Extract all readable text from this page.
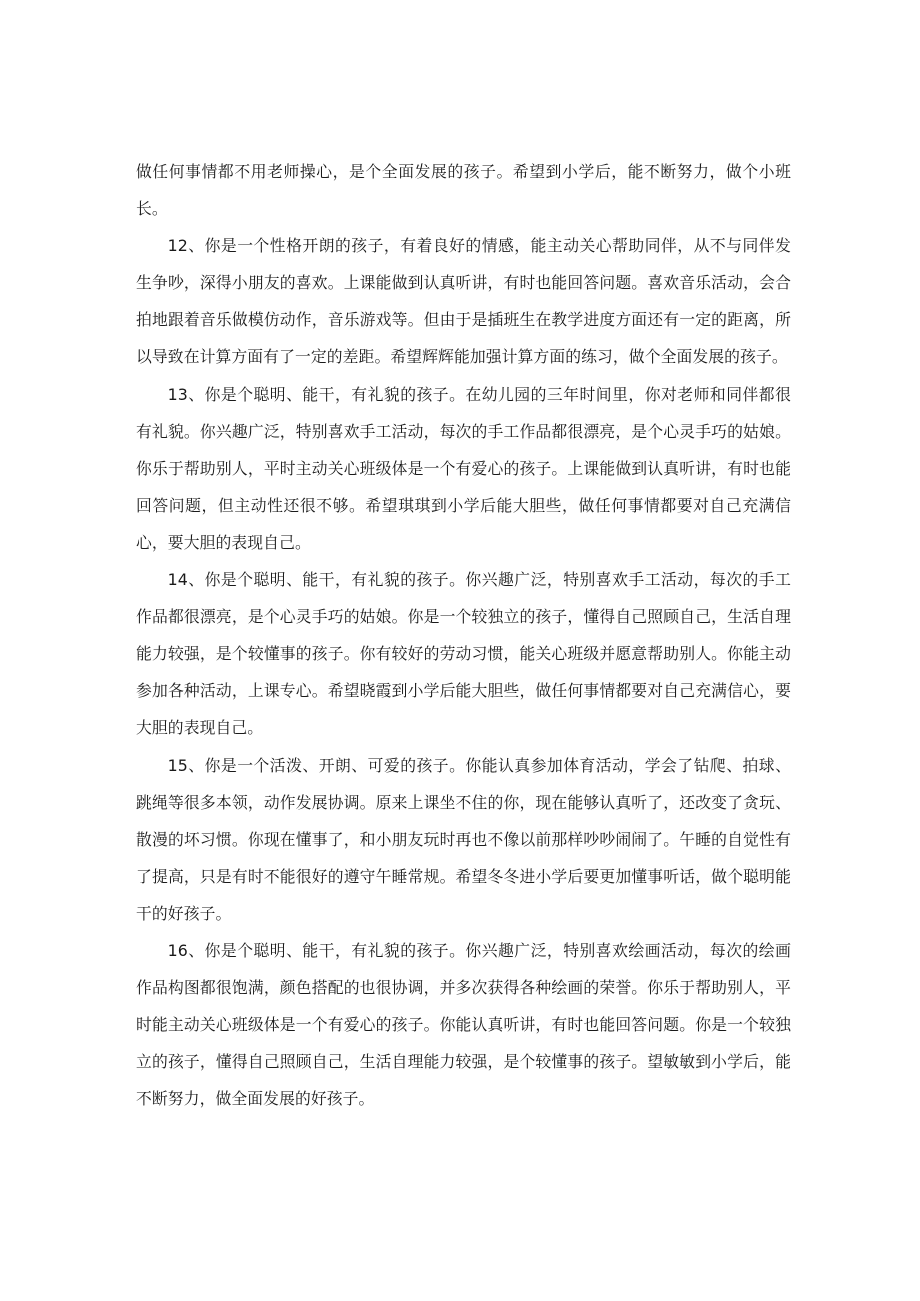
做任何事情都不用老师操心，是个全面发展的孩子。希望到小学后，能不断努力，做个小班长。

12、你是一个性格开朗的孩子，有着良好的情感，能主动关心帮助同伴，从不与同伴发生争吵，深得小朋友的喜欢。上课能做到认真听讲，有时也能回答问题。喜欢音乐活动，会合拍地跟着音乐做模仿动作，音乐游戏等。但由于是插班生在教学进度方面还有一定的距离，所以导致在计算方面有了一定的差距。希望辉辉能加强计算方面的练习，做个全面发展的孩子。

13、你是个聪明、能干，有礼貌的孩子。在幼儿园的三年时间里，你对老师和同伴都很有礼貌。你兴趣广泛，特别喜欢手工活动，每次的手工作品都很漂亮，是个心灵手巧的姑娘。你乐于帮助别人，平时主动关心班级体是一个有爱心的孩子。上课能做到认真听讲，有时也能回答问题，但主动性还很不够。希望琪琪到小学后能大胆些，做任何事情都要对自己充满信心，要大胆的表现自己。

14、你是个聪明、能干，有礼貌的孩子。你兴趣广泛，特别喜欢手工活动，每次的手工作品都很漂亮，是个心灵手巧的姑娘。你是一个较独立的孩子，懂得自己照顾自己，生活自理能力较强，是个较懂事的孩子。你有较好的劳动习惯，能关心班级并愿意帮助别人。你能主动参加各种活动，上课专心。希望晓霞到小学后能大胆些，做任何事情都要对自己充满信心，要大胆的表现自己。

15、你是一个活泼、开朗、可爱的孩子。你能认真参加体育活动，学会了钻爬、拍球、跳绳等很多本领，动作发展协调。原来上课坐不住的你，现在能够认真听了，还改变了贪玩、散漫的坏习惯。你现在懂事了，和小朋友玩时再也不像以前那样吵吵闹闹了。午睡的自觉性有了提高，只是有时不能很好的遵守午睡常规。希望冬冬进小学后要更加懂事听话，做个聪明能干的好孩子。

16、你是个聪明、能干，有礼貌的孩子。你兴趣广泛，特别喜欢绘画活动，每次的绘画作品构图都很饱满，颜色搭配的也很协调，并多次获得各种绘画的荣誉。你乐于帮助别人，平时能主动关心班级体是一个有爱心的孩子。你能认真听讲，有时也能回答问题。你是一个较独立的孩子，懂得自己照顾自己，生活自理能力较强，是个较懂事的孩子。望敏敏到小学后，能不断努力，做全面发展的好孩子。
